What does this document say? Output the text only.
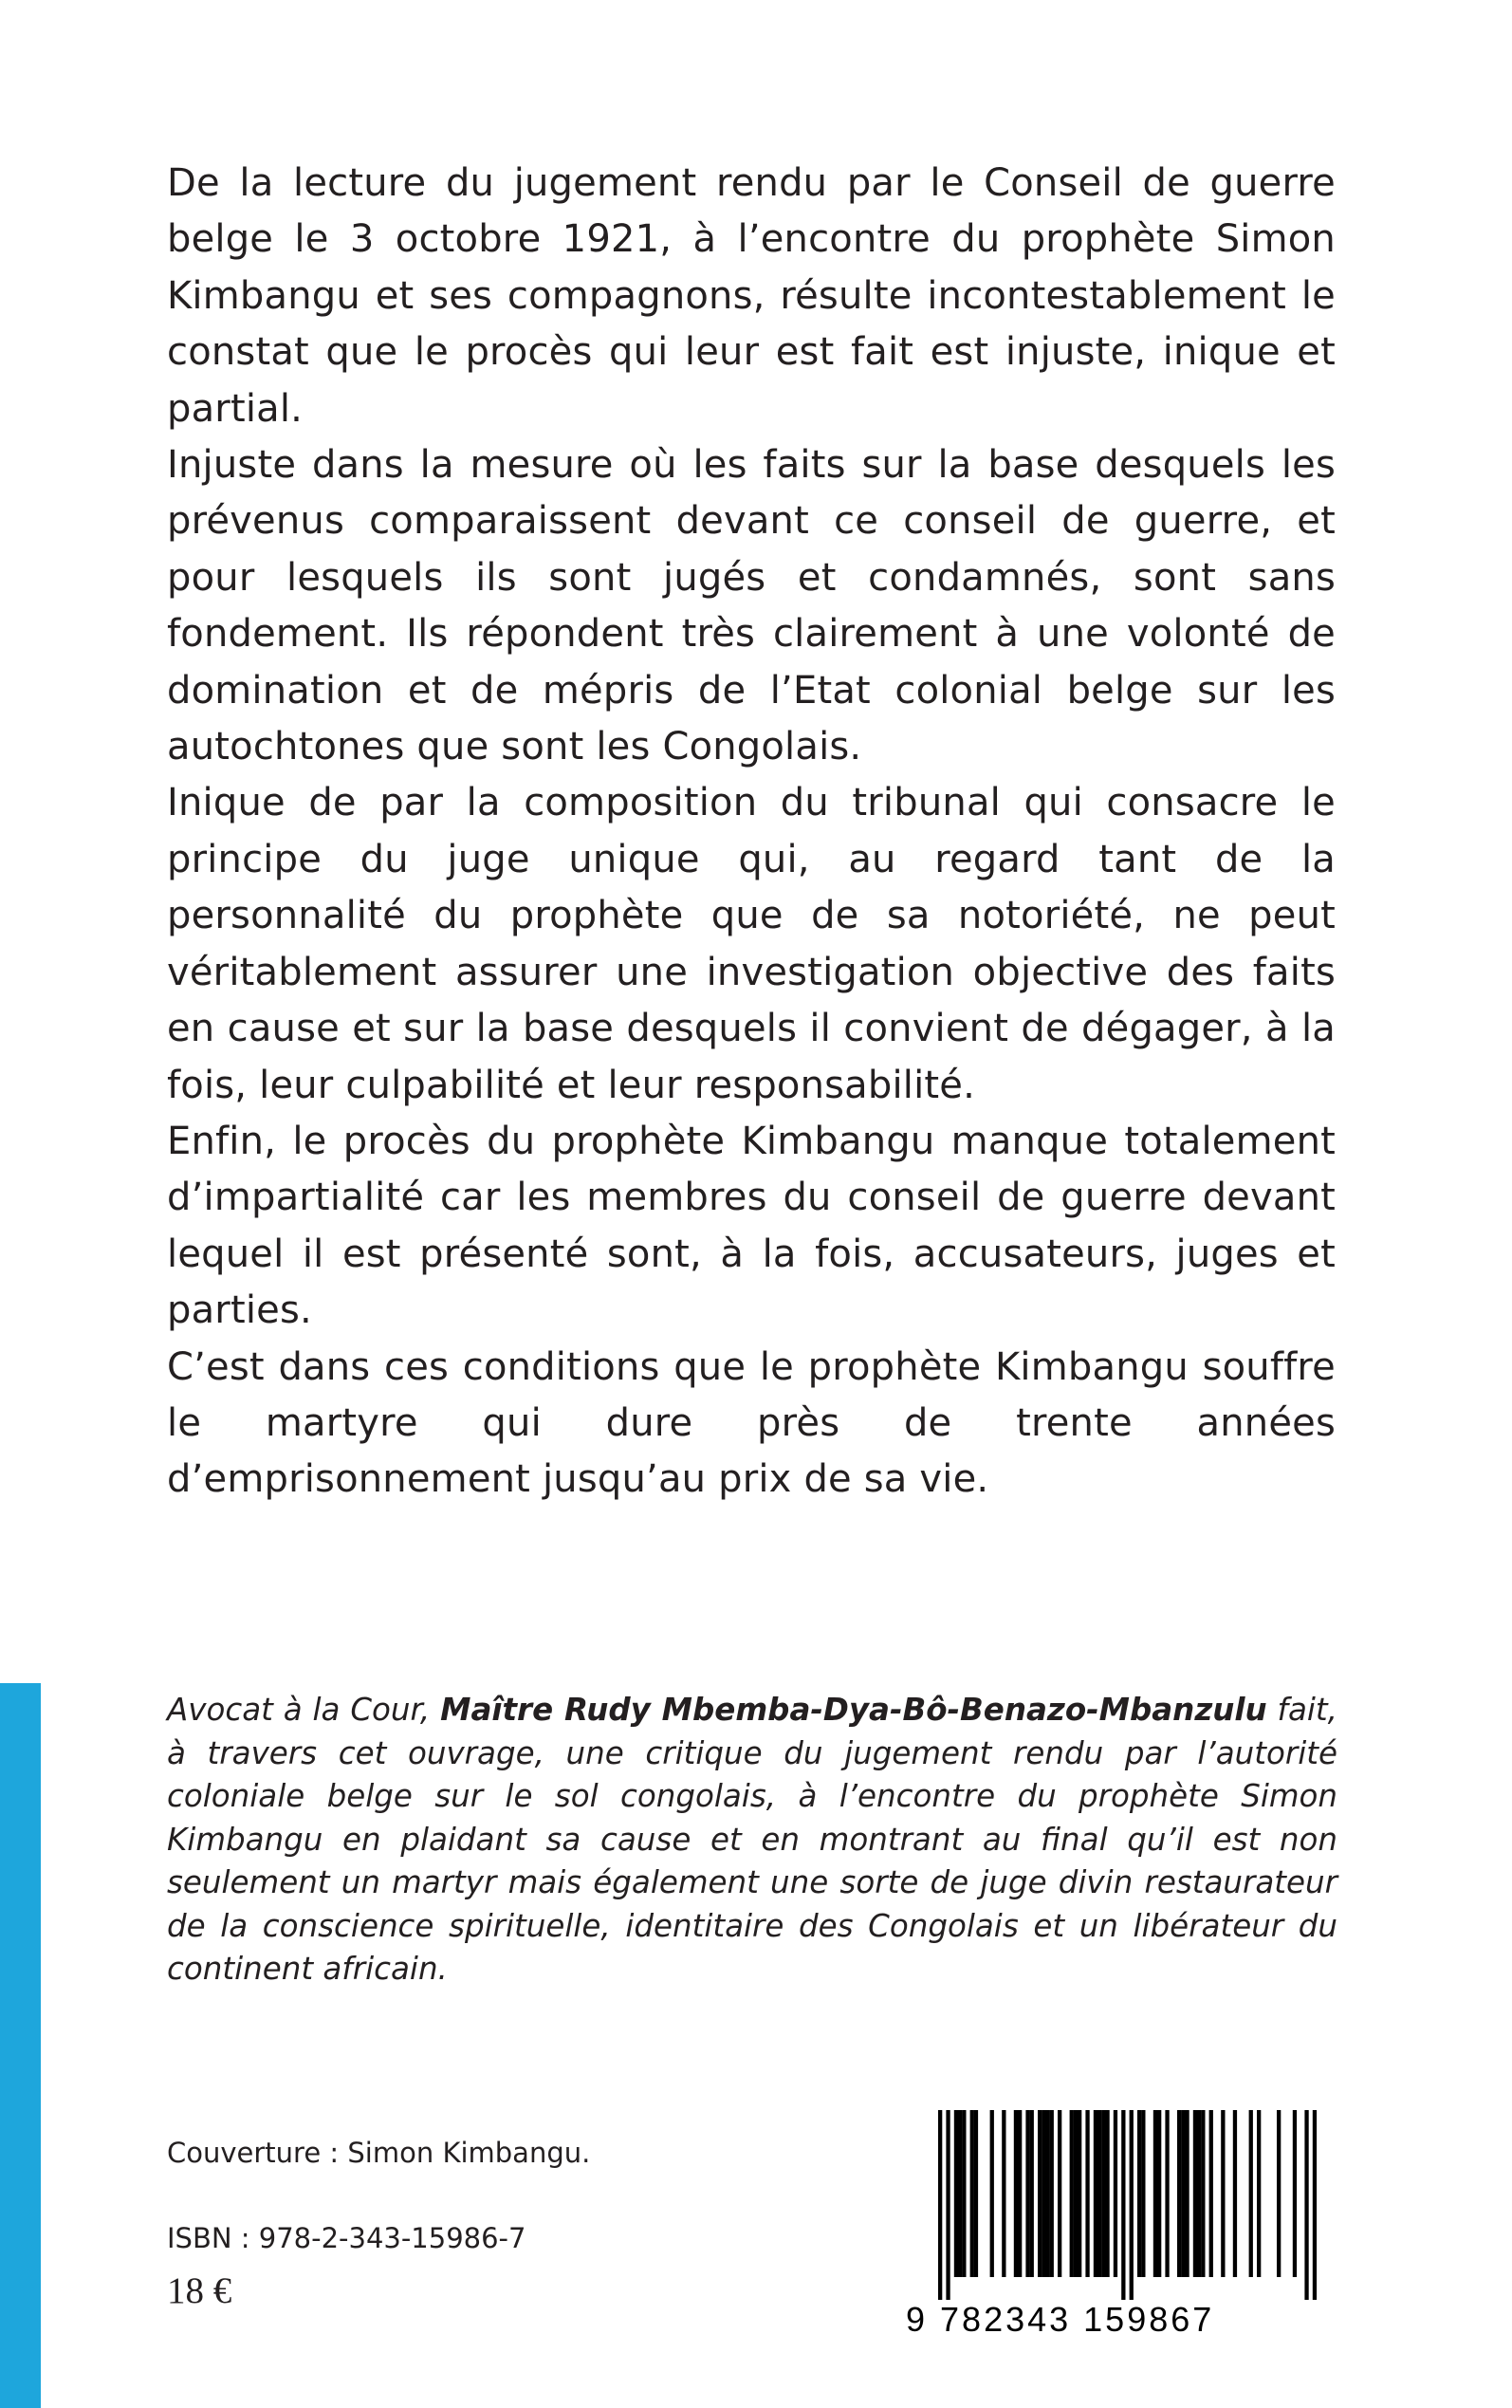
De la lecture du jugement rendu par le Conseil de guerre belge le 3 octobre 1921, à l’encontre du prophète Simon Kimbangu et ses compagnons, résulte incontestablement le constat que le procès qui leur est fait est injuste, inique et partial.

Injuste dans la mesure où les faits sur la base desquels les prévenus comparaissent devant ce conseil de guerre, et pour lesquels ils sont jugés et condamnés, sont sans fondement. Ils répondent très clairement à une volonté de domination et de mépris de l’Etat colonial belge sur les autochtones que sont les Congolais.

Inique de par la composition du tribunal qui consacre le principe du juge unique qui, au regard tant de la personnalité du prophète que de sa notoriété, ne peut véritablement assurer une investigation objective des faits en cause et sur la base desquels il convient de dégager, à la fois, leur culpabilité et leur responsabilité.

Enfin, le procès du prophète Kimbangu manque totalement d’impartialité car les membres du conseil de guerre devant lequel il est présenté sont, à la fois, accusateurs, juges et parties.

C’est dans ces conditions que le prophète Kimbangu souffre le martyre qui dure près de trente années d’emprisonnement jusqu’au prix de sa vie.

Avocat à la Cour, Maître Rudy Mbemba-Dya-Bô-Benazo-Mbanzulu fait, à travers cet ouvrage, une critique du jugement rendu par l’autorité coloniale belge sur le sol congolais, à l’encontre du prophète Simon Kimbangu en plaidant sa cause et en montrant au final qu’il est non seulement un martyr mais également une sorte de juge divin restaurateur de la conscience spirituelle, identitaire des Congolais et un libérateur du continent africain.

Couverture : Simon Kimbangu.
ISBN : 978-2-343-15986-7
18 €
9 782343 159867
